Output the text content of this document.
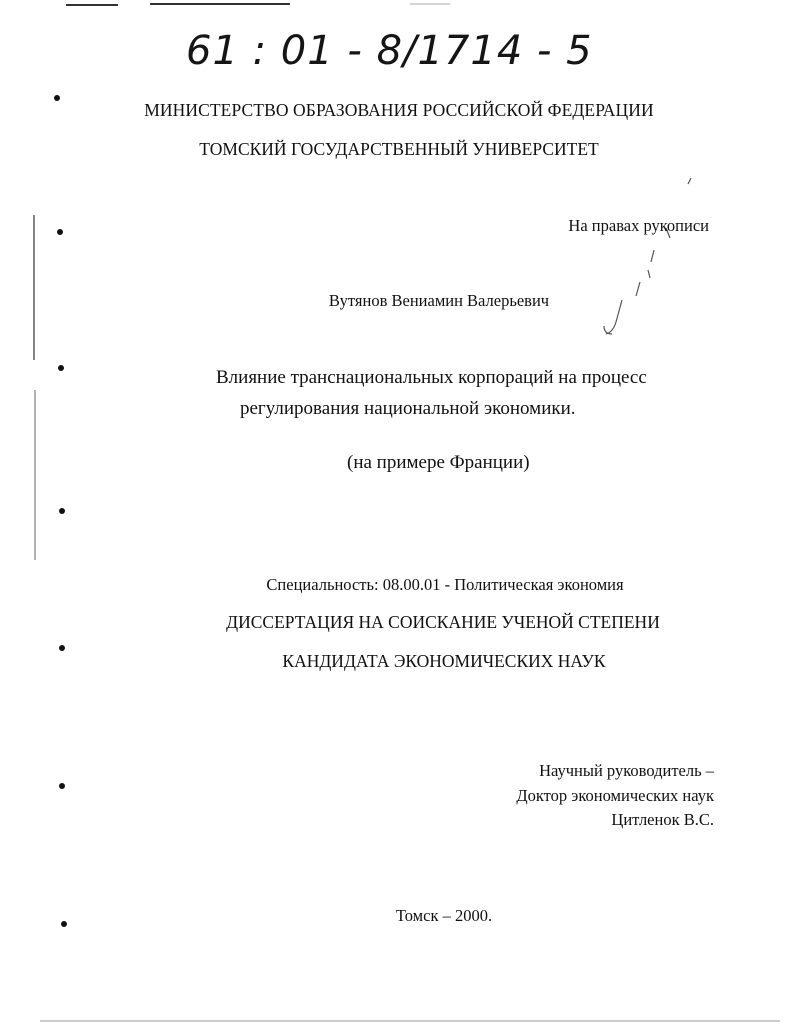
61 : 01 - 8/1714 - 5
МИНИСТЕРСТВО ОБРАЗОВАНИЯ РОССИЙСКОЙ ФЕДЕРАЦИИ
ТОМСКИЙ ГОСУДАРСТВЕННЫЙ УНИВЕРСИТЕТ
На правах рукописи
Вутянов Вениамин Валерьевич
Влияние транснациональных корпораций на процесс
регулирования национальной экономики.
(на примере Франции)
Специальность: 08.00.01 - Политическая экономия
ДИССЕРТАЦИЯ НА СОИСКАНИЕ УЧЕНОЙ СТЕПЕНИ
КАНДИДАТА ЭКОНОМИЧЕСКИХ НАУК
Научный руководитель –
Доктор экономических наук
Цитленок В.С.
Томск – 2000.
